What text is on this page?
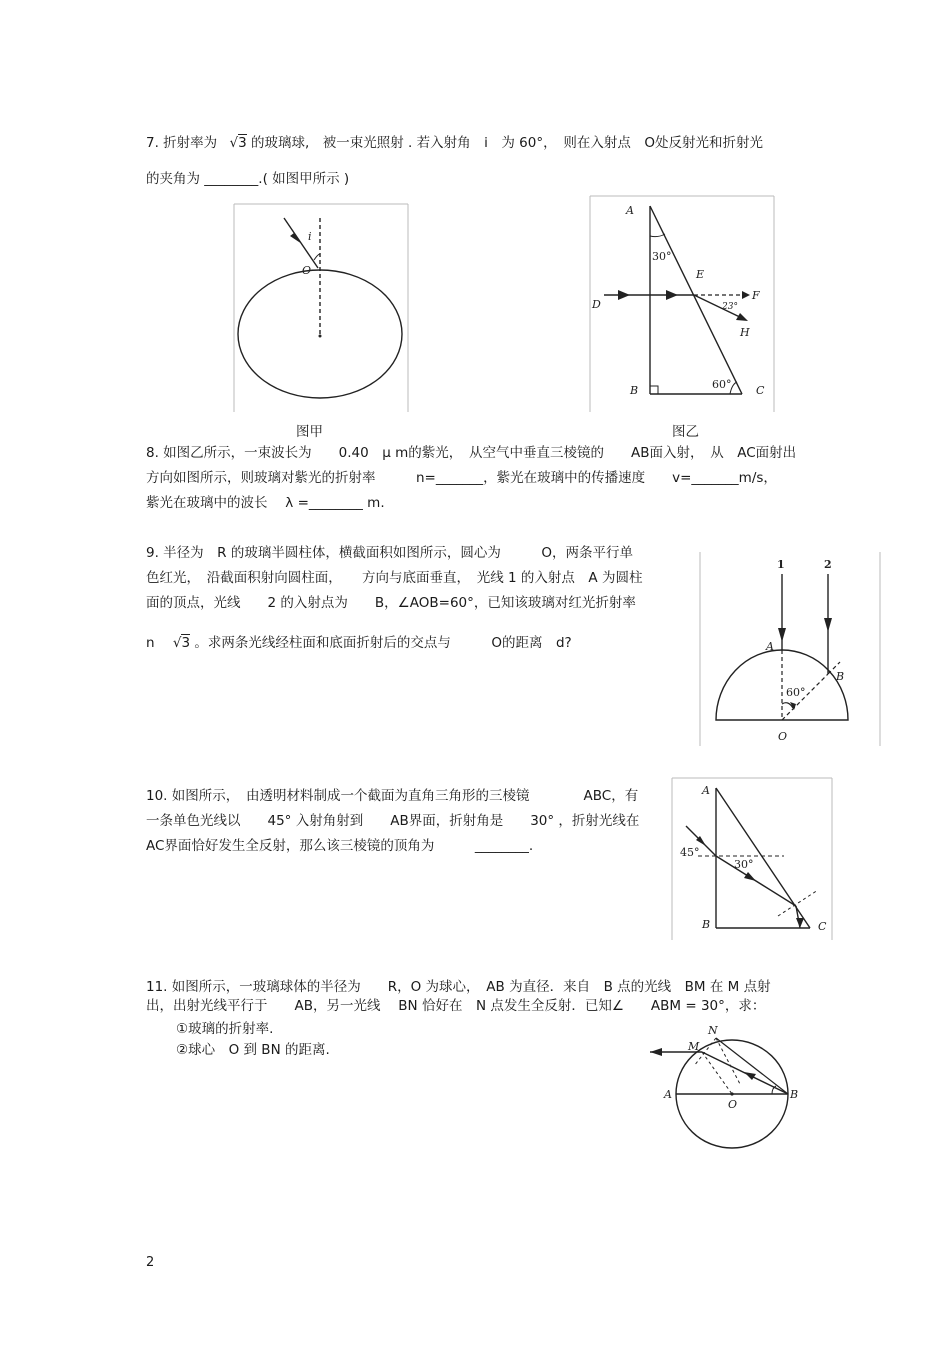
7. 折射率为 √
3 的玻璃球,　被一束光照射 . 若入射角　i　为 60°，　则在入射点　O处反射光和折射光
的夹角为 ________.( 如图甲所示 )
O
i
图甲
A
B	C
D
E
F
H
30°
60°
23°
图乙
8. 如图乙所示，一束波长为　　0.40　μ m的紫光，　从空气中垂直三棱镜的　　AB面入射，　从　AC面射出
方向如图所示，则玻璃对紫光的折射率　　　n=_______，紫光在玻璃中的传播速度　　v=_______m/s，
紫光在玻璃中的波长　 λ =________ m.
9. 半径为　R 的玻璃半圆柱体，横截面积如图所示，圆心为　　　O，两条平行单
色红光，　沿截面积射向圆柱面，　　方向与底面垂直，　光线 1 的入射点　A 为圆柱
面的顶点，光线　　2 的入射点为　　B，∠AOB=60°，已知该玻璃对红光折射率
n √
3 。求两条光线经柱面和底面折射后的交点与　　　O的距离　d?
1	2
A
B
O
60°
10. 如图所示，　由透明材料制成一个截面为直角三角形的三棱镜　　　　ABC，有
一条单色光线以　　45° 入射角射到　　AB界面，折射角是　　30° ，折射光线在
AC界面恰好发生全反射，那么该三棱镜的顶角为　　　________.
A
B	C
45°
30°
11. 如图所示，一玻璃球体的半径为　　R，O 为球心，　AB 为直径．来自　B 点的光线　BM 在 M 点射
出，出射光线平行于　　AB，另一光线　 BN 恰好在　N 点发生全反射．已知∠　　ABM = 30°，求：
①玻璃的折射率.
②球心　O 到 BN 的距离.
A	B
O
M
N
2
